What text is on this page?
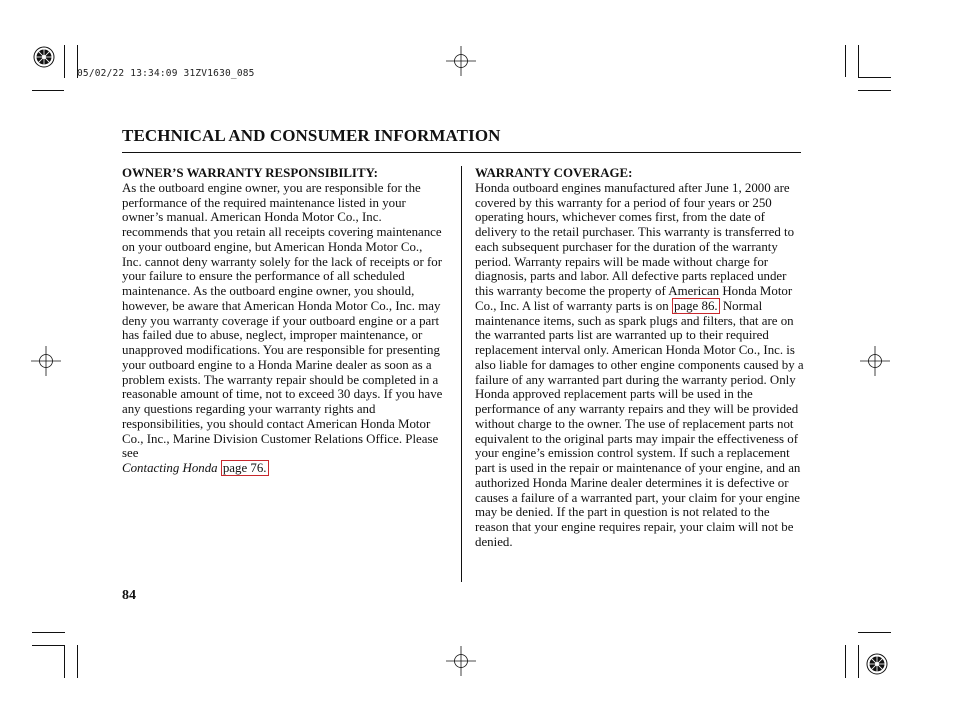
05/02/22 13:34:09 31ZV1630_085
TECHNICAL AND CONSUMER INFORMATION
OWNER’S WARRANTY RESPONSIBILITY:

As the outboard engine owner, you are responsible for the performance of the required maintenance listed in your owner’s manual. American Honda Motor Co., Inc. recommends that you retain all receipts covering maintenance on your outboard engine, but American Honda Motor Co., Inc. cannot deny warranty solely for the lack of receipts or for your failure to ensure the performance of all scheduled maintenance. As the outboard engine owner, you should, however, be aware that American Honda Motor Co., Inc. may deny you warranty coverage if your outboard engine or a part has failed due to abuse, neglect, improper maintenance, or unapproved modifications. You are responsible for presenting your outboard engine to a Honda Marine dealer as soon as a problem exists. The warranty repair should be completed in a reasonable amount of time, not to exceed 30 days. If you have any questions regarding your warranty rights and responsibilities, you should contact American Honda Motor Co., Inc., Marine Division Customer Relations Office. Please see
Contacting Honda page 76.

WARRANTY COVERAGE:

Honda outboard engines manufactured after June 1, 2000 are covered by this warranty for a period of four years or 250 operating hours, whichever comes first, from the date of delivery to the retail purchaser. This warranty is transferred to each subsequent purchaser for the duration of the warranty period. Warranty repairs will be made without charge for diagnosis, parts and labor. All defective parts replaced under this warranty become the property of American Honda Motor Co., Inc. A list of warranty parts is on page 86. Normal maintenance items, such as spark plugs and filters, that are on the warranted parts list are warranted up to their required replacement interval only. American Honda Motor Co., Inc. is also liable for damages to other engine components caused by a failure of any warranted part during the warranty period. Only Honda approved replacement parts will be used in the performance of any warranty repairs and they will be provided without charge to the owner. The use of replacement parts not equivalent to the original parts may impair the effectiveness of your engine’s emission control system. If such a replacement part is used in the repair or maintenance of your engine, and an authorized Honda Marine dealer determines it is defective or causes a failure of a warranted part, your claim for your engine may be denied. If the part in question is not related to the reason that your engine requires repair, your claim will not be denied.

84
